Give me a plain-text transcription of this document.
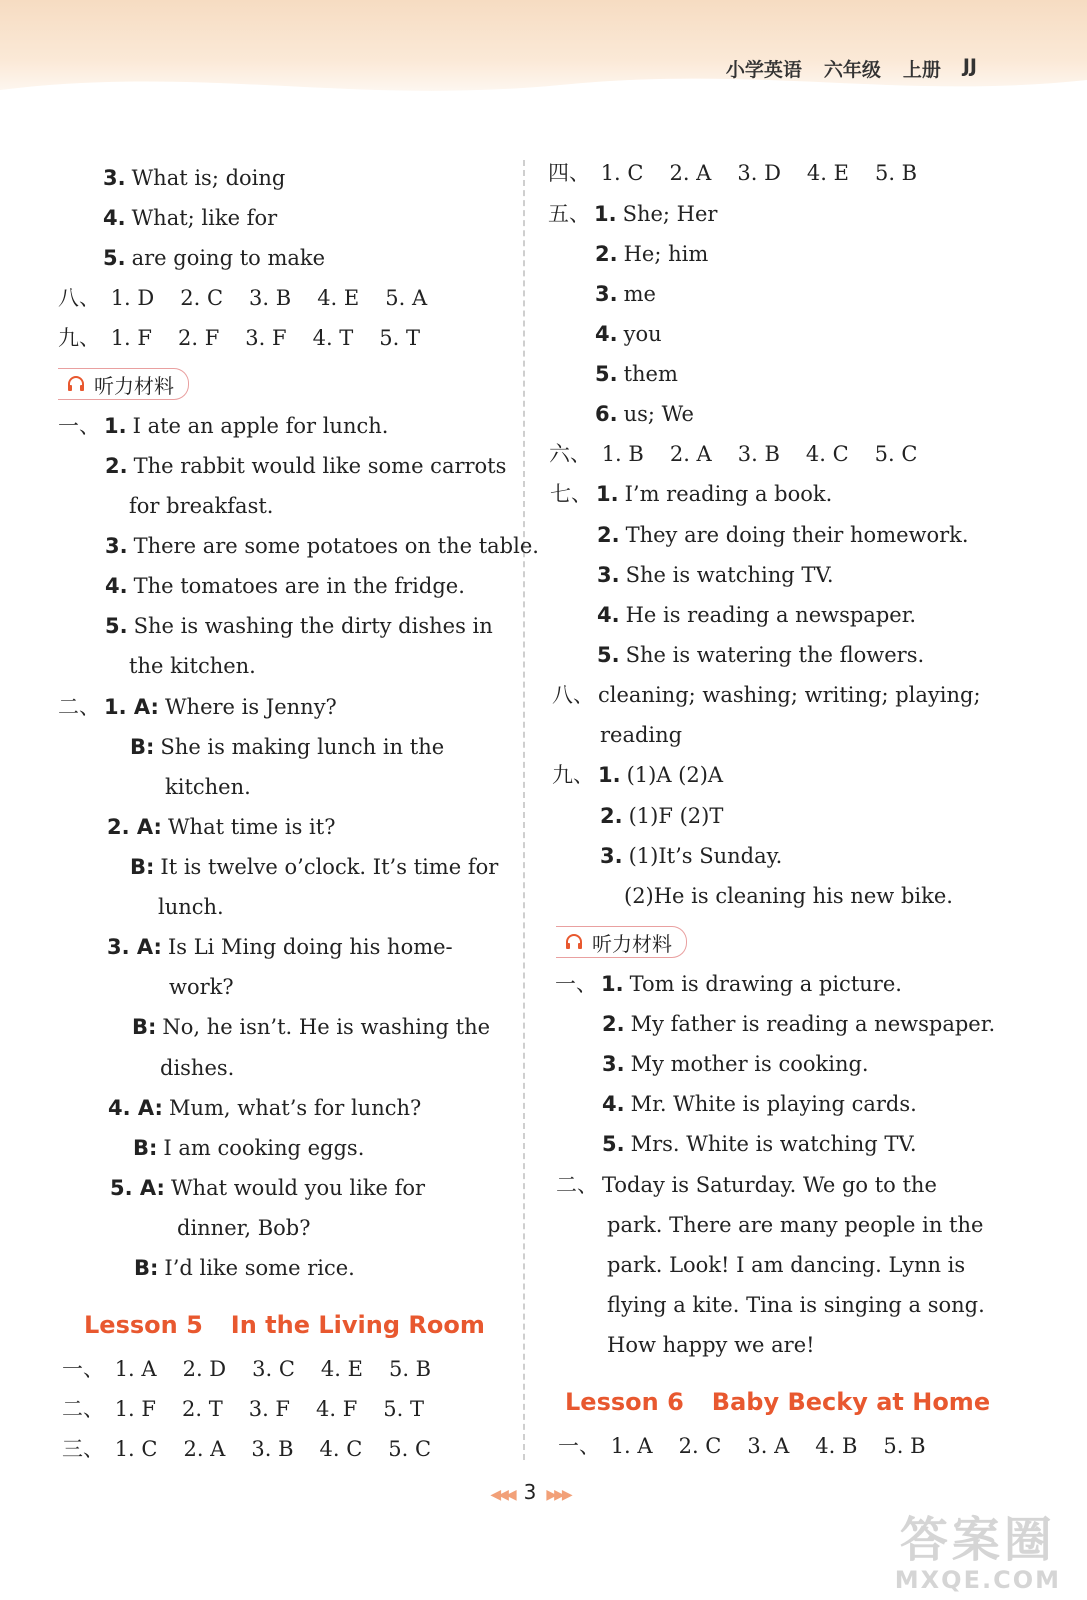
小学英语 六年级 上册 JJ
3. What is; doing
4. What; like for
5. are going to make
八、 1. D 2. C 3. B 4. E 5. A
九、 1. F 2. F 3. F 4. T 5. T
听力材料
一、 1. I ate an apple for lunch.
2. The rabbit would like some carrots
for breakfast.
3. There are some potatoes on the table.
4. The tomatoes are in the fridge.
5. She is washing the dirty dishes in
the kitchen.
二、 1. A: Where is Jenny?
B: She is making lunch in the
kitchen.
2. A: What time is it?
B: It is twelve o’clock. It’s time for
lunch.
3. A: Is Li Ming doing his home-
work?
B: No, he isn’t. He is washing the
dishes.
4. A: Mum, what’s for lunch?
B: I am cooking eggs.
5. A: What would you like for
dinner, Bob?
B: I’d like some rice.
Lesson 5 In the Living Room
一、 1. A 2. D 3. C 4. E 5. B
二、 1. F 2. T 3. F 4. F 5. T
三、 1. C 2. A 3. B 4. C 5. C
四、 1. C 2. A 3. D 4. E 5. B
五、 1. She; Her
2. He; him
3. me
4. you
5. them
6. us; We
六、 1. B 2. A 3. B 4. C 5. C
七、 1. I’m reading a book.
2. They are doing their homework.
3. She is watching TV.
4. He is reading a newspaper.
5. She is watering the flowers.
八、 cleaning; washing; writing; playing;
reading
九、 1. (1)A (2)A
2. (1)F (2)T
3. (1)It’s Sunday.
(2)He is cleaning his new bike.
听力材料
一、 1. Tom is drawing a picture.
2. My father is reading a newspaper.
3. My mother is cooking.
4. Mr. White is playing cards.
5. Mrs. White is watching TV.
二、 Today is Saturday. We go to the
park. There are many people in the
park. Look! I am dancing. Lynn is
flying a kite. Tina is singing a song.
How happy we are!
Lesson 6 Baby Becky at Home
一、 1. A 2. C 3. A 4. B 5. B
◀◀◀ 3 ▶▶▶
答案圈
MXQE.COM
